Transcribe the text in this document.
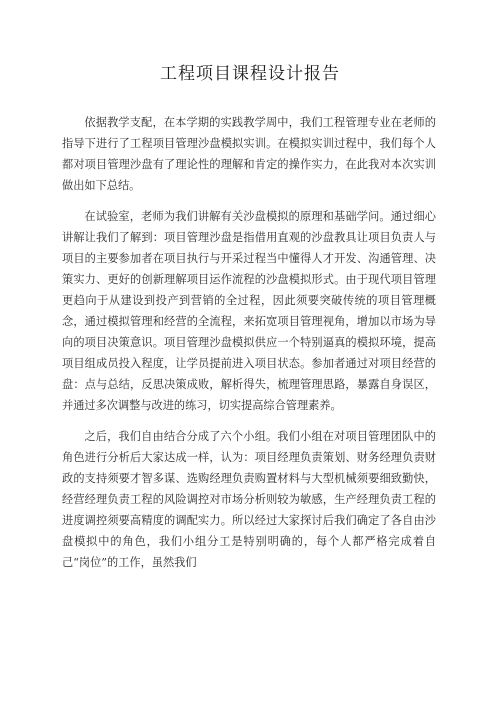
工程项目课程设计报告

依据教学支配，在本学期的实践教学周中，我们工程管理专业在老师的指导下进行了工程项目管理沙盘模拟实训。在模拟实训过程中，我们每个人都对项目管理沙盘有了理论性的理解和肯定的操作实力，在此我对本次实训做出如下总结。

在试验室，老师为我们讲解有关沙盘模拟的原理和基础学问。通过细心讲解让我们了解到：项目管理沙盘是指借用直观的沙盘教具让项目负责人与项目的主要参加者在项目执行与开采过程当中懂得人才开发、沟通管理、决策实力、更好的创新理解项目运作流程的沙盘模拟形式。由于现代项目管理更趋向于从建设到投产到营销的全过程，因此须要突破传统的项目管理概念，通过模拟管理和经营的全流程，来拓宽项目管理视角，增加以市场为导向的项目决策意识。项目管理沙盘模拟供应一个特别逼真的模拟环境，提高项目组成员投入程度，让学员提前进入项目状态。参加者通过对项目经营的盘：点与总结，反思决策成败，解析得失，梳理管理思路，暴露自身误区，并通过多次调整与改进的练习，切实提高综合管理素养。

之后，我们自由结合分成了六个小组。我们小组在对项目管理团队中的角色进行分析后大家达成一样，认为：项目经理负责策划、财务经理负责财政的支持须要才智多谋、选购经理负责购置材料与大型机械须要细致勤快，经营经理负责工程的风险调控对市场分析则较为敏感，生产经理负责工程的进度调控须要高精度的调配实力。所以经过大家探讨后我们确定了各自由沙盘模拟中的角色，我们小组分工是特别明确的，每个人都严格完成着自己“岗位”的工作，虽然我们
